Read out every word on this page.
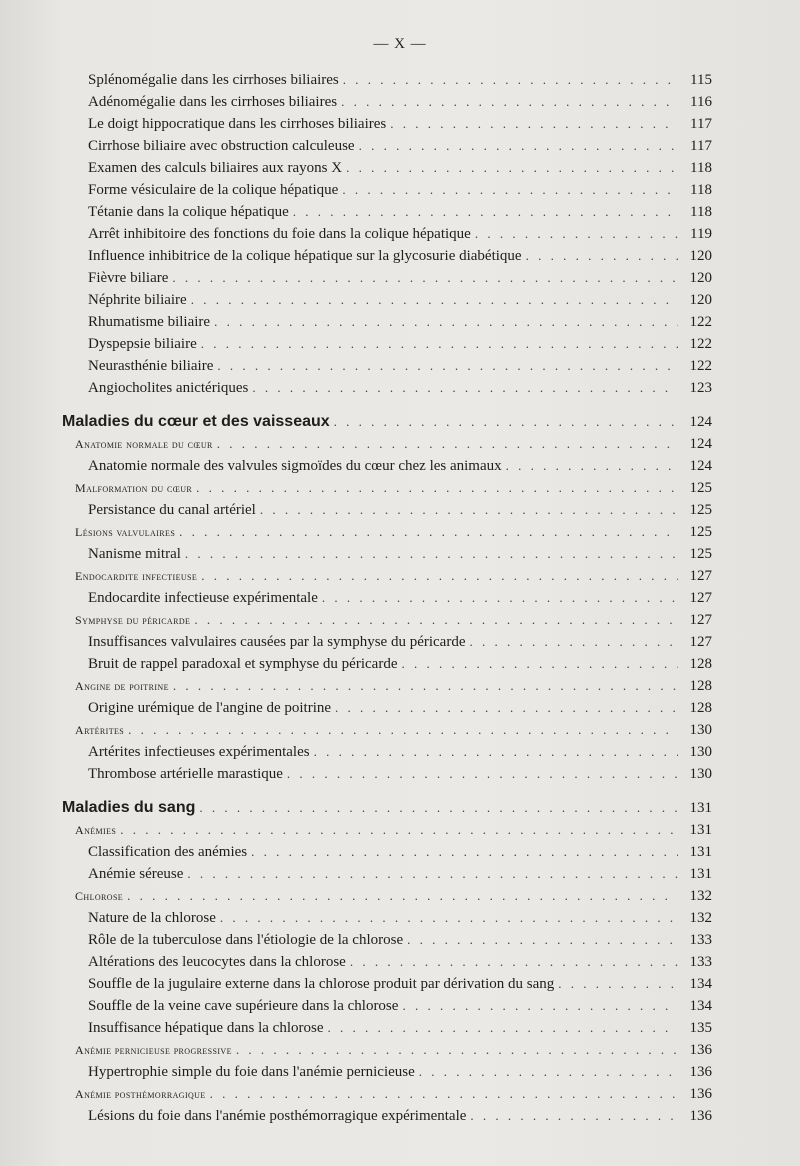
— X —
Splénomégalie dans les cirrhoses biliaires . . .	115
Adénomégalie dans les cirrhoses biliaires . . .	116
Le doigt hippocratique dans les cirrhoses biliaires . . .	117
Cirrhose biliaire avec obstruction calculeuse . . .	117
Examen des calculs biliaires aux rayons X . . .	118
Forme vésiculaire de la colique hépatique . . .	118
Tétanie dans la colique hépatique . . .	118
Arrêt inhibitoire des fonctions du foie dans la colique hépatique . . .	119
Influence inhibitrice de la colique hépatique sur la glycosurie diabétique . . .	120
Fièvre biliare . . .	120
Néphrite biliaire . . .	120
Rhumatisme biliaire . . .	122
Dyspepsie biliaire . . .	122
Neurasthénie biliaire . . .	122
Angiocholites anictériques . . .	123
Maladies du cœur et des vaisseaux . . .	124
Anatomie normale du cœur . . .	124
Anatomie normale des valvules sigmoïdes du cœur chez les animaux . . .	124
Malformation du cœur . . .	125
Persistance du canal artériel . . .	125
Lésions valvulaires . . .	125
Nanisme mitral . . .	125
Endocardite infectieuse . . .	127
Endocardite infectieuse expérimentale . . .	127
Symphyse du péricarde . . .	127
Insuffisances valvulaires causées par la symphyse du péricarde . . .	127
Bruit de rappel paradoxal et symphyse du péricarde . . .	128
Angine de poitrine . . .	128
Origine urémique de l'angine de poitrine . . .	128
Artérites . . .	130
Artérites infectieuses expérimentales . . .	130
Thrombose artérielle marastique . . .	130
Maladies du sang . . .	131
Anémies . . .	131
Classification des anémies . . .	131
Anémie séreuse . . .	131
Chlorose . . .	132
Nature de la chlorose . . .	132
Rôle de la tuberculose dans l'étiologie de la chlorose . . .	133
Altérations des leucocytes dans la chlorose . . .	133
Souffle de la jugulaire externe dans la chlorose produit par dérivation du sang . . .	134
Souffle de la veine cave supérieure dans la chlorose . . .	134
Insuffisance hépatique dans la chlorose . . .	135
Anémie pernicieuse progressive . . .	136
Hypertrophie simple du foie dans l'anémie pernicieuse . . .	136
Anémie posthémorragique . . .	136
Lésions du foie dans l'anémie posthémorragique expérimentale . . .	136
